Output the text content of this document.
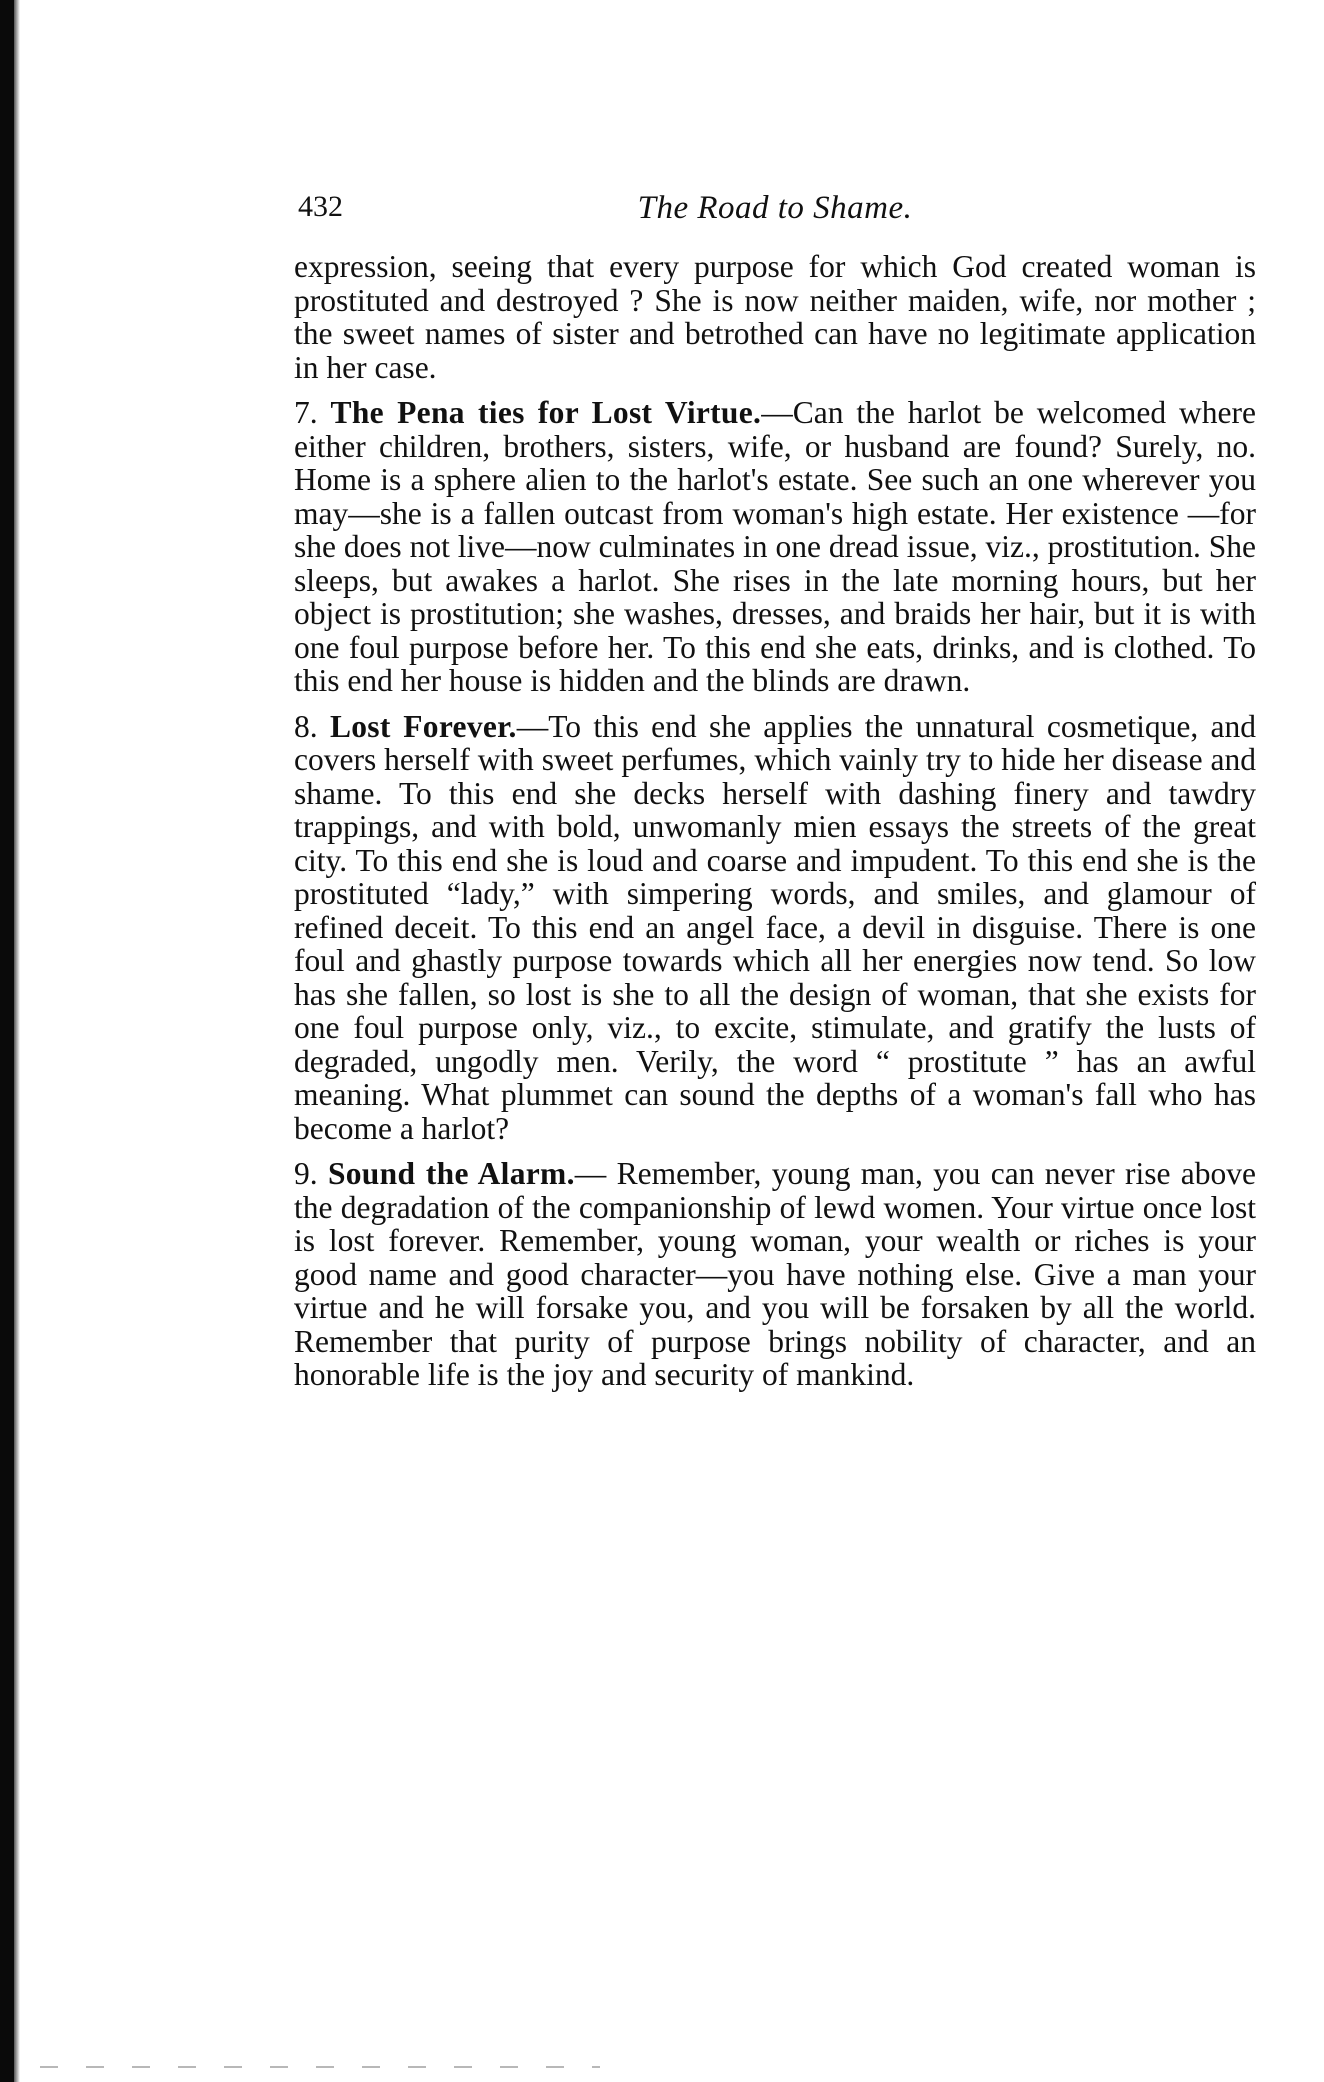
432	The Road to Shame.

expression, seeing that every purpose for which God created woman is prostituted and destroyed ? She is now neither maiden, wife, nor mother ; the sweet names of sister and betrothed can have no legitimate application in her case.

7. The Pena ties for Lost Virtue.—Can the harlot be welcomed where either children, brothers, sisters, wife, or husband are found? Surely, no. Home is a sphere alien to the harlot's estate. See such an one wherever you may—she is a fallen outcast from woman's high estate. Her existence —for she does not live—now culminates in one dread issue, viz., prostitution. She sleeps, but awakes a harlot. She rises in the late morning hours, but her object is prostitution; she washes, dresses, and braids her hair, but it is with one foul purpose before her. To this end she eats, drinks, and is clothed. To this end her house is hidden and the blinds are drawn.

8. Lost Forever.—To this end she applies the unnatural cosmetique, and covers herself with sweet perfumes, which vainly try to hide her disease and shame. To this end she decks herself with dashing finery and tawdry trappings, and with bold, unwomanly mien essays the streets of the great city. To this end she is loud and coarse and impudent. To this end she is the prostituted “lady,” with simpering words, and smiles, and glamour of refined deceit. To this end an angel face, a devil in disguise. There is one foul and ghastly purpose towards which all her energies now tend. So low has she fallen, so lost is she to all the design of woman, that she exists for one foul purpose only, viz., to excite, stimulate, and gratify the lusts of degraded, ungodly men. Verily, the word “ prostitute ” has an awful meaning. What plummet can sound the depths of a woman's fall who has become a harlot?

9. Sound the Alarm.— Remember, young man, you can never rise above the degradation of the companionship of lewd women. Your virtue once lost is lost forever. Remember, young woman, your wealth or riches is your good name and good character—you have nothing else. Give a man your virtue and he will forsake you, and you will be forsaken by all the world. Remember that purity of purpose brings nobility of character, and an honorable life is the joy and security of mankind.
